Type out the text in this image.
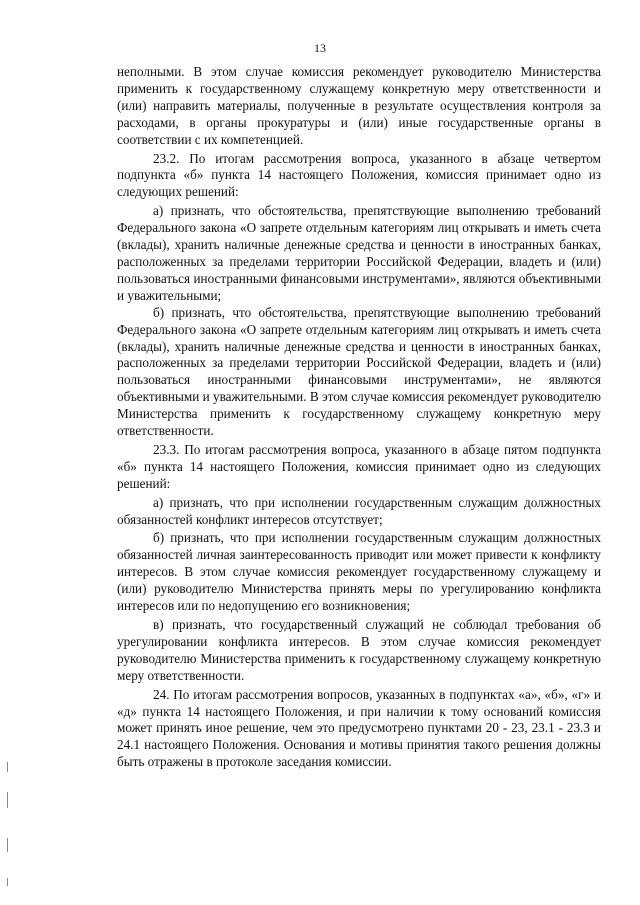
13

неполными. В этом случае комиссия рекомендует руководителю Министерства применить к государственному служащему конкретную меру ответственности и (или) направить материалы, полученные в результате осуществления контроля за расходами, в органы прокуратуры и (или) иные государственные органы в соответствии с их компетенцией.

23.2. По итогам рассмотрения вопроса, указанного в абзаце четвертом подпункта «б» пункта 14 настоящего Положения, комиссия принимает одно из следующих решений:

а) признать, что обстоятельства, препятствующие выполнению требований Федерального закона «О запрете отдельным категориям лиц открывать и иметь счета (вклады), хранить наличные денежные средства и ценности в иностранных банках, расположенных за пределами территории Российской Федерации, владеть и (или) пользоваться иностранными финансовыми инструментами», являются объективными и уважительными;

б) признать, что обстоятельства, препятствующие выполнению требований Федерального закона «О запрете отдельным категориям лиц открывать и иметь счета (вклады), хранить наличные денежные средства и ценности в иностранных банках, расположенных за пределами территории Российской Федерации, владеть и (или) пользоваться иностранными финансовыми инструментами», не являются объективными и уважительными. В этом случае комиссия рекомендует руководителю Министерства применить к государственному служащему конкретную меру ответственности.

23.3. По итогам рассмотрения вопроса, указанного в абзаце пятом подпункта «б» пункта 14 настоящего Положения, комиссия принимает одно из следующих решений:

а) признать, что при исполнении государственным служащим должностных обязанностей конфликт интересов отсутствует;

б) признать, что при исполнении государственным служащим должностных обязанностей личная заинтересованность приводит или может привести к конфликту интересов. В этом случае комиссия рекомендует государственному служащему и (или) руководителю Министерства принять меры по урегулированию конфликта интересов или по недопущению его возникновения;

в) признать, что государственный служащий не соблюдал требования об урегулировании конфликта интересов. В этом случае комиссия рекомендует руководителю Министерства применить к государственному служащему конкретную меру ответственности.

24. По итогам рассмотрения вопросов, указанных в подпунктах «а», «б», «г» и «д» пункта 14 настоящего Положения, и при наличии к тому оснований комиссия может принять иное решение, чем это предусмотрено пунктами 20 - 23, 23.1 - 23.3 и 24.1 настоящего Положения. Основания и мотивы принятия такого решения должны быть отражены в протоколе заседания комиссии.
